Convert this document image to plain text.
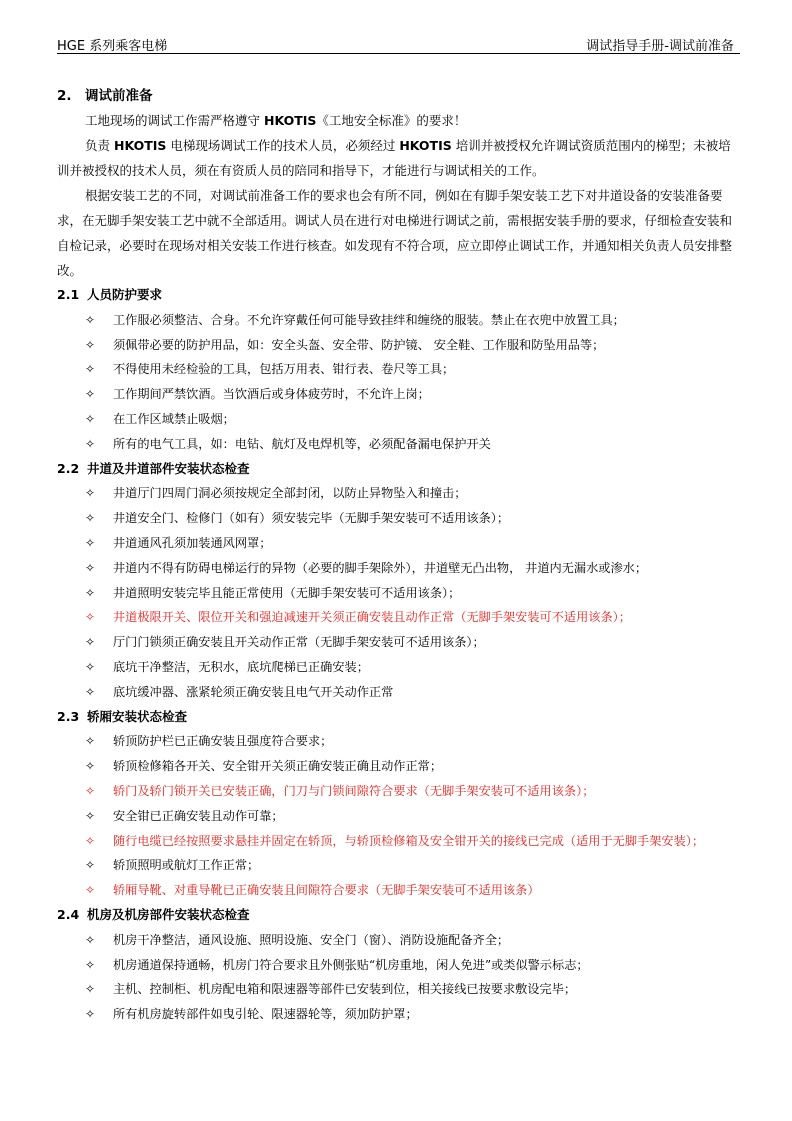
HGE 系列乘客电梯	调试指导手册-调试前准备
2. 调试前准备
工地现场的调试工作需严格遵守 HKOTIS《工地安全标准》的要求！
负责 HKOTIS 电梯现场调试工作的技术人员，必须经过 HKOTIS 培训并被授权允许调试资质范围内的梯型；未被培训并被授权的技术人员，须在有资质人员的陪同和指导下，才能进行与调试相关的工作。
根据安装工艺的不同，对调试前准备工作的要求也会有所不同，例如在有脚手架安装工艺下对井道设备的安装准备要求，在无脚手架安装工艺中就不全部适用。调试人员在进行对电梯进行调试之前，需根据安装手册的要求，仔细检查安装和自检记录，必要时在现场对相关安装工作进行核查。如发现有不符合项，应立即停止调试工作，并通知相关负责人员安排整改。
2.1 人员防护要求
✧ 工作服必须整洁、合身。不允许穿戴任何可能导致挂绊和缠绕的服装。禁止在衣兜中放置工具；
✧ 须佩带必要的防护用品，如：安全头盔、安全带、防护镜、 安全鞋、工作服和防坠用品等；
✧ 不得使用未经检验的工具，包括万用表、钳行表、卷尺等工具；
✧ 工作期间严禁饮酒。当饮酒后或身体疲劳时，不允许上岗；
✧ 在工作区域禁止吸烟；
✧ 所有的电气工具，如：电钻、航灯及电焊机等，必须配备漏电保护开关
2.2 井道及井道部件安装状态检查
✧ 井道厅门四周门洞必须按规定全部封闭，以防止异物坠入和撞击；
✧ 井道安全门、检修门（如有）须安装完毕（无脚手架安装可不适用该条）；
✧ 井道通风孔须加装通风网罩；
✧ 井道内不得有防碍电梯运行的异物（必要的脚手架除外），井道壁无凸出物， 井道内无漏水或渗水；
✧ 井道照明安装完毕且能正常使用（无脚手架安装可不适用该条）；
✧ 井道极限开关、限位开关和强迫减速开关须正确安装且动作正常（无脚手架安装可不适用该条）；
✧ 厅门门锁须正确安装且开关动作正常（无脚手架安装可不适用该条）；
✧ 底坑干净整洁，无积水，底坑爬梯已正确安装；
✧ 底坑缓冲器、涨紧轮须正确安装且电气开关动作正常
2.3 轿厢安装状态检查
✧ 轿顶防护栏已正确安装且强度符合要求；
✧ 轿顶检修箱各开关、安全钳开关须正确安装正确且动作正常；
✧ 轿门及轿门锁开关已安装正确，门刀与门锁间隙符合要求（无脚手架安装可不适用该条）；
✧ 安全钳已正确安装且动作可靠；
✧ 随行电缆已经按照要求悬挂并固定在轿顶，与轿顶检修箱及安全钳开关的接线已完成（适用于无脚手架安装）；
✧ 轿顶照明或航灯工作正常；
✧ 轿厢导靴、对重导靴已正确安装且间隙符合要求（无脚手架安装可不适用该条）
2.4 机房及机房部件安装状态检查
✧ 机房干净整洁，通风设施、照明设施、安全门（窗）、消防设施配备齐全；
✧ 机房通道保持通畅，机房门符合要求且外侧张贴“机房重地，闲人免进”或类似警示标志；
✧ 主机、控制柜、机房配电箱和限速器等部件已安装到位，相关接线已按要求敷设完毕；
✧ 所有机房旋转部件如曳引轮、限速器轮等，须加防护罩；
